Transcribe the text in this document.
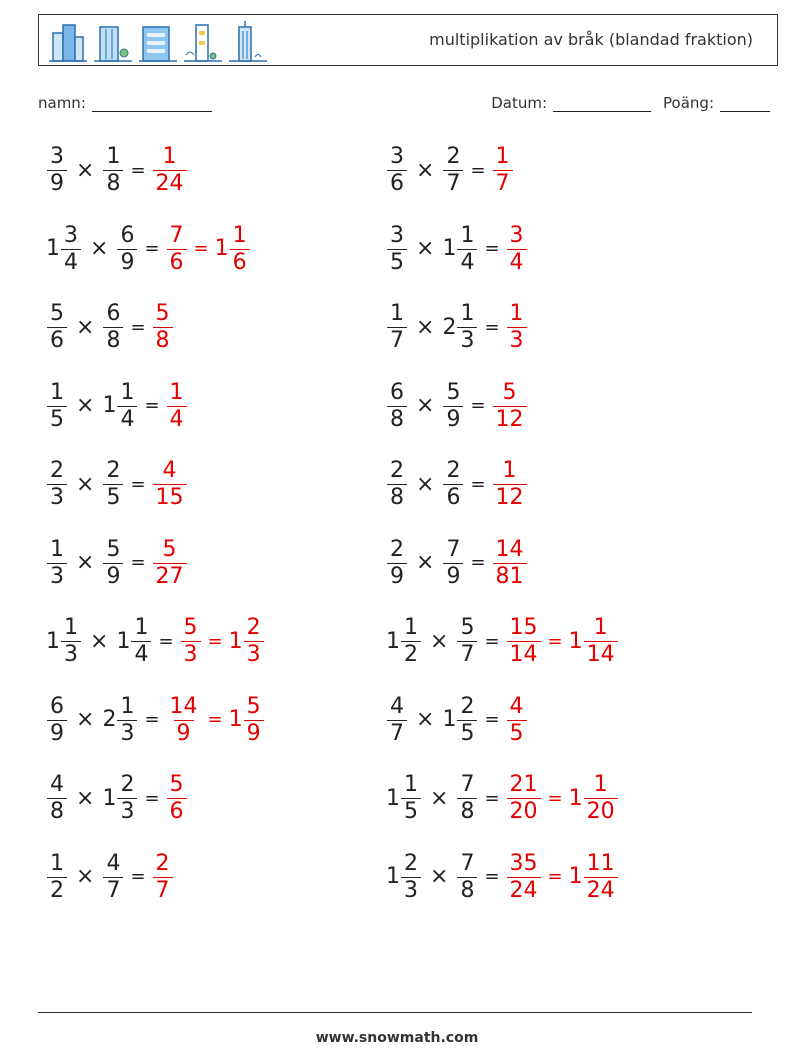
multiplikation av bråk (blandad fraktion)
namn:	Datum:	Poäng:
$\frac{3}{9} \times \frac{1}{8} = \frac{1}{24}$	$\frac{3}{6} \times \frac{2}{7} = \frac{1}{7}$
$1 \frac{3}{4} \times \frac{6}{9} = \frac{7}{6} = 1 \frac{1}{6}$	$\frac{3}{5} \times 1 \frac{1}{4} = \frac{3}{4}$
$\frac{5}{6} \times \frac{6}{8} = \frac{5}{8}$	$\frac{1}{7} \times 2 \frac{1}{3} = \frac{1}{3}$
$\frac{1}{5} \times 1 \frac{1}{4} = \frac{1}{4}$	$\frac{6}{8} \times \frac{5}{9} = \frac{5}{12}$
$\frac{2}{3} \times \frac{2}{5} = \frac{4}{15}$	$\frac{2}{8} \times \frac{2}{6} = \frac{1}{12}$
$\frac{1}{3} \times \frac{5}{9} = \frac{5}{27}$	$\frac{2}{9} \times \frac{7}{9} = \frac{14}{81}$
$1 \frac{1}{3} \times 1 \frac{1}{4} = \frac{5}{3} = 1 \frac{2}{3}$	$1 \frac{1}{2} \times \frac{5}{7} = \frac{15}{14} = 1 \frac{1}{14}$
$\frac{6}{9} \times 2 \frac{1}{3} = \frac{14}{9} = 1 \frac{5}{9}$	$\frac{4}{7} \times 1 \frac{2}{5} = \frac{4}{5}$
$\frac{4}{8} \times 1 \frac{2}{3} = \frac{5}{6}$	$1 \frac{1}{5} \times \frac{7}{8} = \frac{21}{20} = 1 \frac{1}{20}$
$\frac{1}{2} \times \frac{4}{7} = \frac{2}{7}$	$1 \frac{2}{3} \times \frac{7}{8} = \frac{35}{24} = 1 \frac{11}{24}$
www.snowmath.com
